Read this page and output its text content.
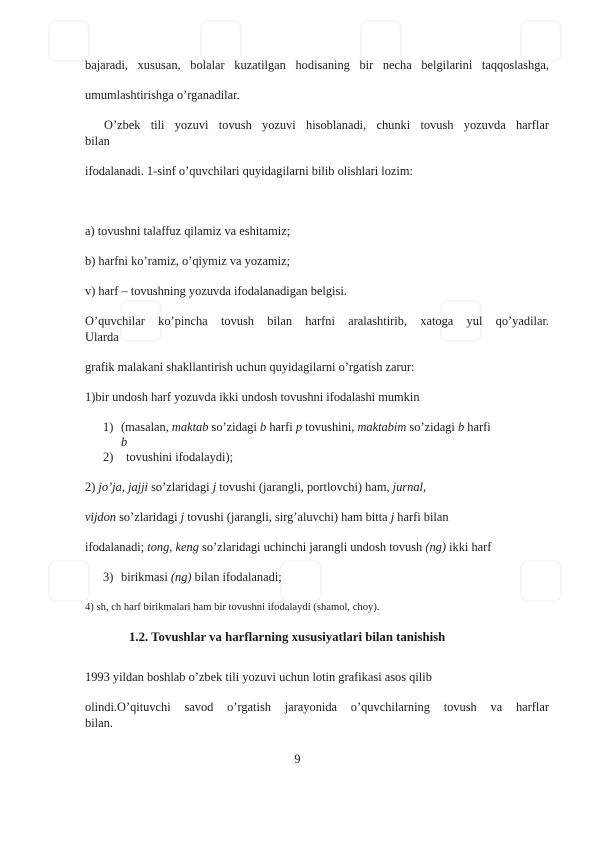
bajaradi, xususan, bolalar kuzatilgan hodisaning bir necha belgilarini taqqoslashga,
umumlashtirishga o’rganadilar.
O’zbek tili yozuvi tovush yozuvi hisoblanadi, chunki tovush yozuvda harflar
bilan
ifodalanadi. 1-sinf o’quvchilari quyidagilarni bilib olishlari lozim:
a) tovushni talaffuz qilamiz va eshitamiz;
b) harfni ko’ramiz, o’qiymiz va yozamiz;
v) harf – tovushning yozuvda ifodalanadigan belgisi.
O’quvchilar ko’pincha tovush bilan harfni aralashtirib, xatoga yul qo’yadilar.
Ularda
grafik malakani shakllantirish uchun quyidagilarni o’rgatish zarur:
1)bir undosh harf yozuvda ikki undosh tovushni ifodalashi mumkin
1) (masalan, maktab so’zidagi b harfi p tovushini, maktabim so’zidagi b harfi
b
2) tovushini ifodalaydi);
2) jo’ja, jajji so’zlaridagi j tovushi (jarangli, portlovchi) ham, jurnal,
vijdon so’zlaridagi j tovushi (jarangli, sirg’aluvchi) ham bitta j harfi bilan
ifodalanadi; tong, keng so’zlaridagi uchinchi jarangli undosh tovush (ng) ikki harf
3) birikmasi (ng) bilan ifodalanadi;
4) sh, ch harf birikmalari ham bir tovushni ifodalaydi (shamol, choy).
1.2. Tovushlar va harflarning xususiyatlari bilan tanishish
1993 yildan boshlab o’zbek tili yozuvi uchun lotin grafikasi asos qilib
olindi.O’qituvchi savod o’rgatish jarayonida o’quvchilarning tovush va harflar
bilan.
9
